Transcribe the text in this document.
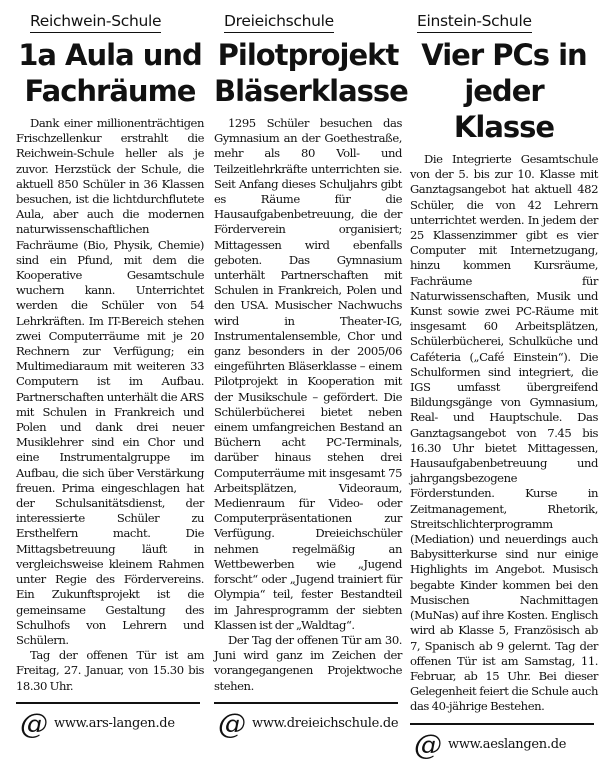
Reichwein-Schule
1a Aula und
Fachräume

Dank einer millionenträchtigen Frischzellenkur erstrahlt die Reichwein-Schule heller als je zuvor. Herzstück der Schule, die aktuell 850 Schüler in 36 Klassen besuchen, ist die lichtdurchflutete Aula, aber auch die modernen naturwissenschaftlichen Fachräume (Bio, Physik, Chemie) sind ein Pfund, mit dem die Kooperative Gesamtschule wuchern kann. Unterrichtet werden die Schüler von 54 Lehrkräften. Im IT-Bereich stehen zwei Computerräume mit je 20 Rechnern zur Verfügung; ein Multimediaraum mit weiteren 33 Computern ist im Aufbau. Partnerschaften unterhält die ARS mit Schulen in Frankreich und Polen und dank drei neuer Musiklehrer sind ein Chor und eine Instrumentalgruppe im Aufbau, die sich über Verstärkung freuen. Prima eingeschlagen hat der Schulsanitätsdienst, der interessierte Schüler zu Ersthelfern macht. Die Mittagsbetreuung läuft in vergleichsweise kleinem Rahmen unter Regie des Fördervereins. Ein Zukunftsprojekt ist die gemeinsame Gestaltung des Schulhofs von Lehrern und Schülern.

Tag der offenen Tür ist am Freitag, 27. Januar, von 15.30 bis 18.30 Uhr.

@ www.ars-langen.de
Dreieichschule
Pilotprojekt
Bläserklasse

1295 Schüler besuchen das Gymnasium an der Goethestraße, mehr als 80 Voll- und Teilzeitlehrkräfte unterrichten sie. Seit Anfang dieses Schuljahrs gibt es Räume für die Hausaufgabenbetreuung, die der Förderverein organisiert; Mittagessen wird ebenfalls geboten. Das Gymnasium unterhält Partnerschaften mit Schulen in Frankreich, Polen und den USA. Musischer Nachwuchs wird in Theater-IG, Instrumentalensemble, Chor und ganz besonders in der 2005/06 eingeführten Bläserklasse – einem Pilotprojekt in Kooperation mit der Musikschule – gefördert. Die Schülerbücherei bietet neben einem umfangreichen Bestand an Büchern acht PC-Terminals, darüber hinaus stehen drei Computerräume mit insgesamt 75 Arbeitsplätzen, Videoraum, Medienraum für Video- oder Computerpräsentationen zur Verfügung. Dreieichschüler nehmen regelmäßig an Wettbewerben wie „Jugend forscht“ oder „Jugend trainiert für Olympia“ teil, fester Bestandteil im Jahresprogramm der siebten Klassen ist der „Waldtag“.

Der Tag der offenen Tür am 30. Juni wird ganz im Zeichen der vorangegangenen Projektwoche stehen.

@ www.dreieichschule.de
Einstein-Schule
Vier PCs in
jeder Klasse

Die Integrierte Gesamtschule von der 5. bis zur 10. Klasse mit Ganztagsangebot hat aktuell 482 Schüler, die von 42 Lehrern unterrichtet werden. In jedem der 25 Klassenzimmer gibt es vier Computer mit Internetzugang, hinzu kommen Kursräume, Fachräume für Naturwissenschaften, Musik und Kunst sowie zwei PC-Räume mit insgesamt 60 Arbeitsplätzen, Schülerbücherei, Schulküche und Caféteria („Café Einstein“). Die Schulformen sind integriert, die IGS umfasst übergreifend Bildungsgänge von Gymnasium, Real- und Hauptschule. Das Ganztagsangebot von 7.45 bis 16.30 Uhr bietet Mittagessen, Hausaufgabenbetreuung und jahrgangsbezogene Förderstunden. Kurse in Zeitmanagement, Rhetorik, Streitschlichterprogramm (Mediation) und neuerdings auch Babysitterkurse sind nur einige Highlights im Angebot. Musisch begabte Kinder kommen bei den Musischen Nachmittagen (MuNas) auf ihre Kosten. Englisch wird ab Klasse 5, Französisch ab 7, Spanisch ab 9 gelernt. Tag der offenen Tür ist am Samstag, 11. Februar, ab 15 Uhr. Bei dieser Gelegenheit feiert die Schule auch das 40-jährige Bestehen.

@ www.aeslangen.de
